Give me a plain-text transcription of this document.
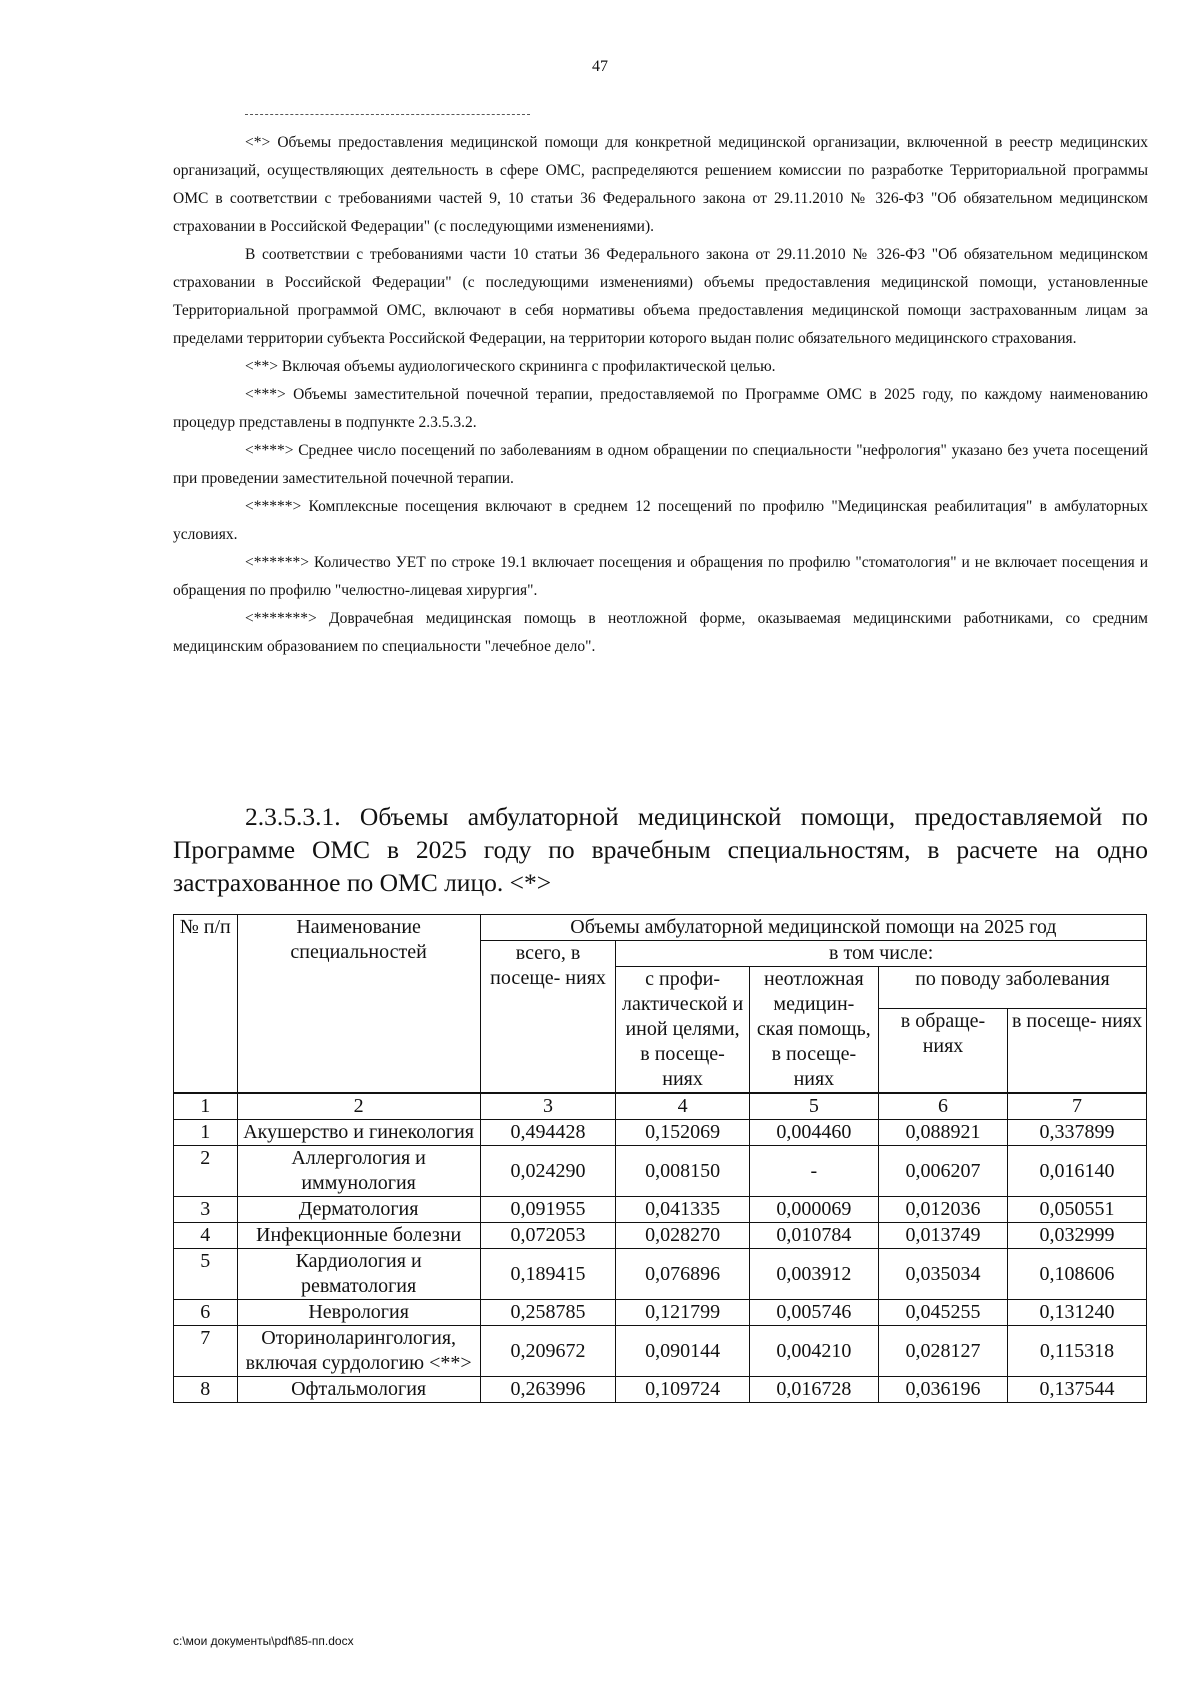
47

<*> Объемы предоставления медицинской помощи для конкретной медицинской организации, включенной в реестр медицинских организаций, осуществляющих деятельность в сфере ОМС, распределяются решением комиссии по разработке Территориальной программы ОМС в соответствии с требованиями частей 9, 10 статьи 36 Федерального закона от 29.11.2010 № 326-ФЗ "Об обязательном медицинском страховании в Российской Федерации" (с последующими изменениями).

В соответствии с требованиями части 10 статьи 36 Федерального закона от 29.11.2010 № 326-ФЗ "Об обязательном медицинском страховании в Российской Федерации" (с последующими изменениями) объемы предоставления медицинской помощи, установленные Территориальной программой ОМС, включают в себя нормативы объема предоставления медицинской помощи застрахованным лицам за пределами территории субъекта Российской Федерации, на территории которого выдан полис обязательного медицинского страхования.

<**> Включая объемы аудиологического скрининга с профилактической целью.

<***> Объемы заместительной почечной терапии, предоставляемой по Программе ОМС в 2025 году, по каждому наименованию процедур представлены в подпункте 2.3.5.3.2.

<****> Среднее число посещений по заболеваниям в одном обращении по специальности "нефрология" указано без учета посещений при проведении заместительной почечной терапии.

<*****> Комплексные посещения включают в среднем 12 посещений по профилю "Медицинская реабилитация" в амбулаторных условиях.

<******> Количество УЕТ по строке 19.1 включает посещения и обращения по профилю "стоматология" и не включает посещения и обращения по профилю "челюстно-лицевая хирургия".

<*******> Доврачебная медицинская помощь в неотложной форме, оказываемая медицинскими работниками, со средним медицинским образованием по специальности "лечебное дело".

2.3.5.3.1. Объемы амбулаторной медицинской помощи, предоставляемой по Программе ОМС в 2025 году по врачебным специальностям, в расчете на одно застрахованное по ОМС лицо. <*>

№ п/п	Наименование специальностей	Объемы амбулаторной медицинской помощи на 2025 год				
		всего, в посеще- ниях	в том числе:			
			с профи- лактической и иной целями, в посеще- ниях	неотложная медицин- ская помощь, в посеще- ниях	по поводу заболевания	
					в обраще- ниях	в посеще- ниях
1	2	3	4	5	6	7
1	Акушерство и гинекология	0,494428	0,152069	0,004460	0,088921	0,337899
2	Аллергология и иммунология	0,024290	0,008150	-	0,006207	0,016140
3	Дерматология	0,091955	0,041335	0,000069	0,012036	0,050551
4	Инфекционные болезни	0,072053	0,028270	0,010784	0,013749	0,032999
5	Кардиология и ревматология	0,189415	0,076896	0,003912	0,035034	0,108606
6	Неврология	0,258785	0,121799	0,005746	0,045255	0,131240
7	Оториноларингология, включая сурдологию <**>	0,209672	0,090144	0,004210	0,028127	0,115318
8	Офтальмология	0,263996	0,109724	0,016728	0,036196	0,137544
c:\мои документы\pdf\85-пп.docx
